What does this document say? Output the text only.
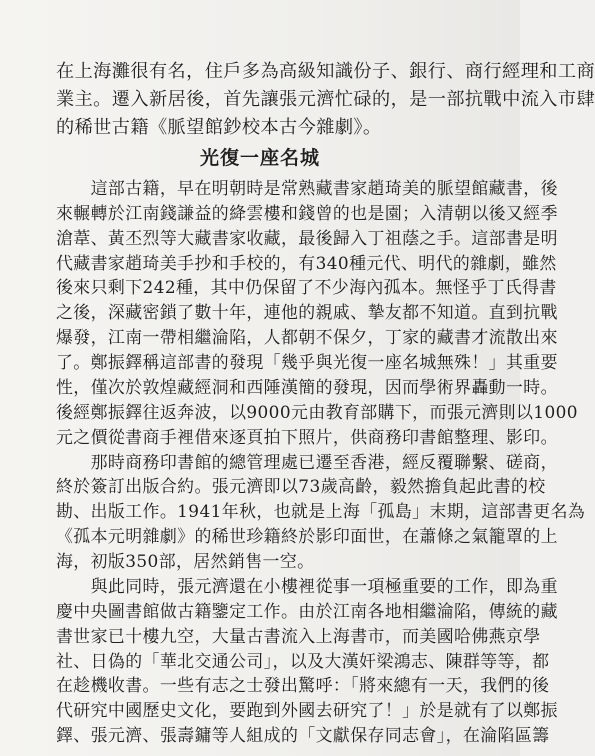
在上海灘很有名，住戶多為高級知識份子、銀行、商行經理和工商
業主。遷入新居後，首先讓張元濟忙碌的，是一部抗戰中流入市肆
的稀世古籍《脈望館鈔校本古今雜劇》。
光復一座名城
　　這部古籍，早在明朝時是常熟藏書家趙琦美的脈望館藏書，後
來輾轉於江南錢謙益的絳雲樓和錢曾的也是園；入清朝以後又經季
滄葦、黃丕烈等大藏書家收藏，最後歸入丁祖蔭之手。這部書是明
代藏書家趙琦美手抄和手校的，有340種元代、明代的雜劇，雖然
後來只剩下242種，其中仍保留了不少海內孤本。無怪乎丁氏得書
之後，深藏密鎖了數十年，連他的親戚、摯友都不知道。直到抗戰
爆發，江南一帶相繼淪陷，人都朝不保夕，丁家的藏書才流散出來
了。鄭振鐸稱這部書的發現「幾乎與光復一座名城無殊！」其重要
性，僅次於敦煌藏經洞和西陲漢簡的發現，因而學術界轟動一時。
後經鄭振鐸往返奔波，以9000元由教育部購下，而張元濟則以1000
元之價從書商手裡借來逐頁拍下照片，供商務印書館整理、影印。
　　那時商務印書館的總管理處已遷至香港，經反覆聯繫、磋商，
終於簽訂出版合約。張元濟即以73歲高齡，毅然擔負起此書的校
勘、出版工作。1941年秋，也就是上海「孤島」末期，這部書更名為
《孤本元明雜劇》的稀世珍籍終於影印面世，在蕭條之氣籠罩的上
海，初版350部，居然銷售一空。
　　與此同時，張元濟還在小樓裡從事一項極重要的工作，即為重
慶中央圖書館做古籍鑒定工作。由於江南各地相繼淪陷，傳統的藏
書世家已十樓九空，大量古書流入上海書市，而美國哈佛燕京學
社、日偽的「華北交通公司」，以及大漢奸梁鴻志、陳群等等，都
在趁機收書。一些有志之士發出驚呼：「將來總有一天，我們的後
代研究中國歷史文化，要跑到外國去研究了！」於是就有了以鄭振
鐸、張元濟、張壽鏞等人組成的「文獻保存同志會」，在淪陷區籌
